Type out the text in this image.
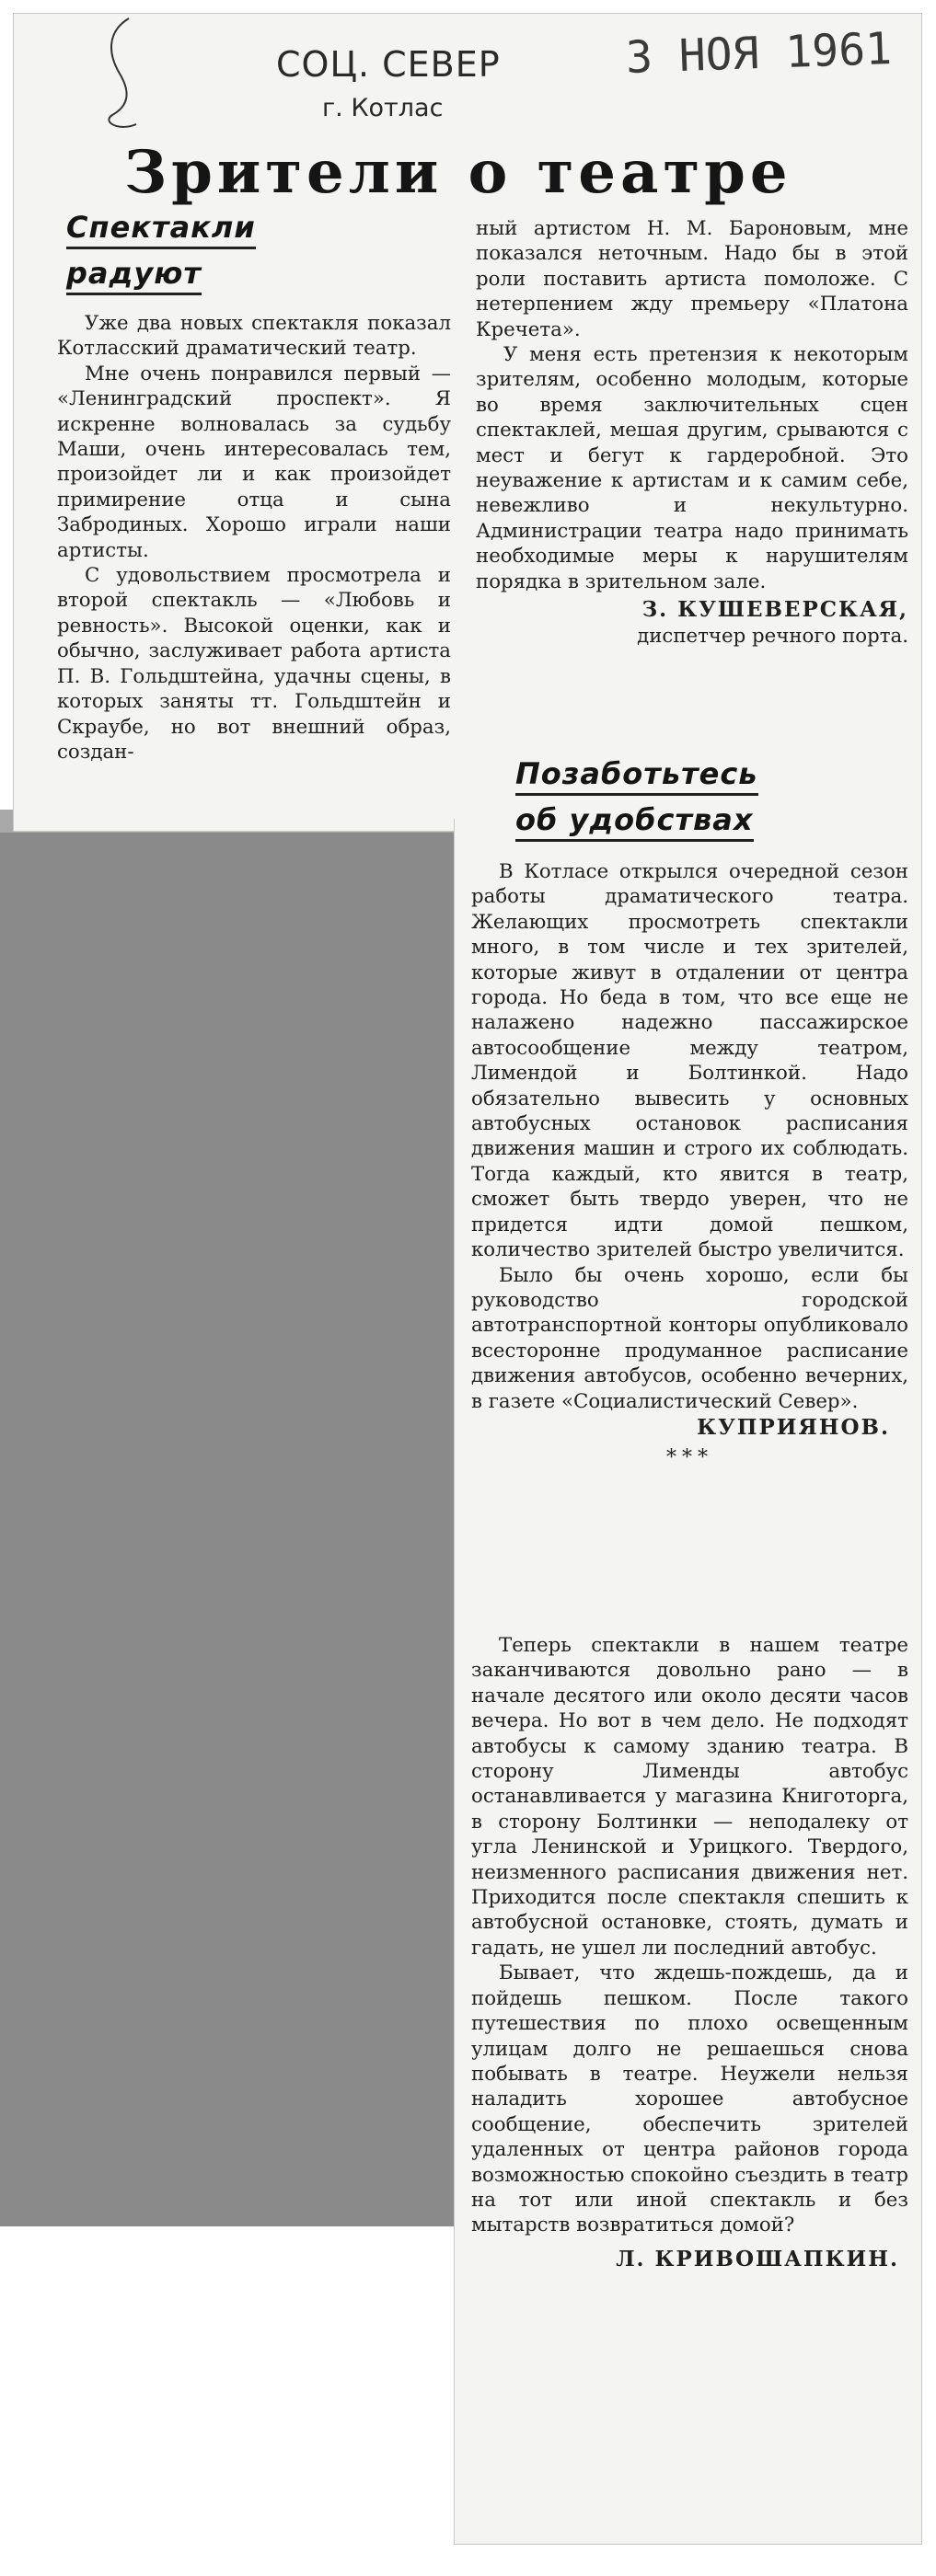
СОЦ. СЕВЕР
г. Котлас
3 НОЯ 1961
Зрители о театре
Спектакли
радуют

Уже два новых спектакля показал Котласский драматический театр.

Мне очень понравился первый — «Ленинградский проспект». Я искренне волновалась за судьбу Маши, очень интересовалась тем, произойдет ли и как произойдет примирение отца и сына Забродиных. Хорошо играли наши артисты.

С удовольствием просмотрела и второй спектакль — «Любовь и ревность». Высокой оценки, как и обычно, заслуживает работа артиста П. В. Гольдштейна, удачны сцены, в которых заняты тт. Гольдштейн и Скраубе, но вот внешний образ, создан-

ный артистом Н. М. Бароновым, мне показался неточным. Надо бы в этой роли поставить артиста помоложе. С нетерпением жду премьеру «Платона Кречета».

У меня есть претензия к некоторым зрителям, особенно молодым, которые во время заключительных сцен спектаклей, мешая другим, срываются с мест и бегут к гардеробной. Это неуважение к артистам и к самим себе, невежливо и некультурно. Администрации театра надо принимать необходимые меры к нарушителям порядка в зрительном зале.

З. КУШЕВЕРСКАЯ,
диспетчер речного порта.
Позаботьтесь
об удобствах

В Котласе открылся очередной сезон работы драматического театра. Желающих просмотреть спектакли много, в том числе и тех зрителей, которые живут в отдалении от центра города. Но беда в том, что все еще не налажено надежно пассажирское автосообщение между театром, Лимендой и Болтинкой. Надо обязательно вывесить у основных автобусных остановок расписания движения машин и строго их соблюдать. Тогда каждый, кто явится в театр, сможет быть твердо уверен, что не придется идти домой пешком, количество зрителей быстро увеличится.

Было бы очень хорошо, если бы руководство городской автотранспортной конторы опубликовало всесторонне продуманное расписание движения автобусов, особенно вечерних, в газете «Социалистический Север».

КУПРИЯНОВ.
***

Теперь спектакли в нашем театре заканчиваются довольно рано — в начале десятого или около десяти часов вечера. Но вот в чем дело. Не подходят автобусы к самому зданию театра. В сторону Лименды автобус останавливается у магазина Книготорга, в сторону Болтинки — неподалеку от угла Ленинской и Урицкого. Твердого, неизменного расписания движения нет. Приходится после спектакля спешить к автобусной остановке, стоять, думать и гадать, не ушел ли последний автобус.

Бывает, что ждешь-пождешь, да и пойдешь пешком. После такого путешествия по плохо освещенным улицам долго не решаешься снова побывать в театре. Неужели нельзя наладить хорошее автобусное сообщение, обеспечить зрителей удаленных от центра районов города возможностью спокойно съездить в театр на тот или иной спектакль и без мытарств возвратиться домой?

Л. КРИВОШАПКИН.
